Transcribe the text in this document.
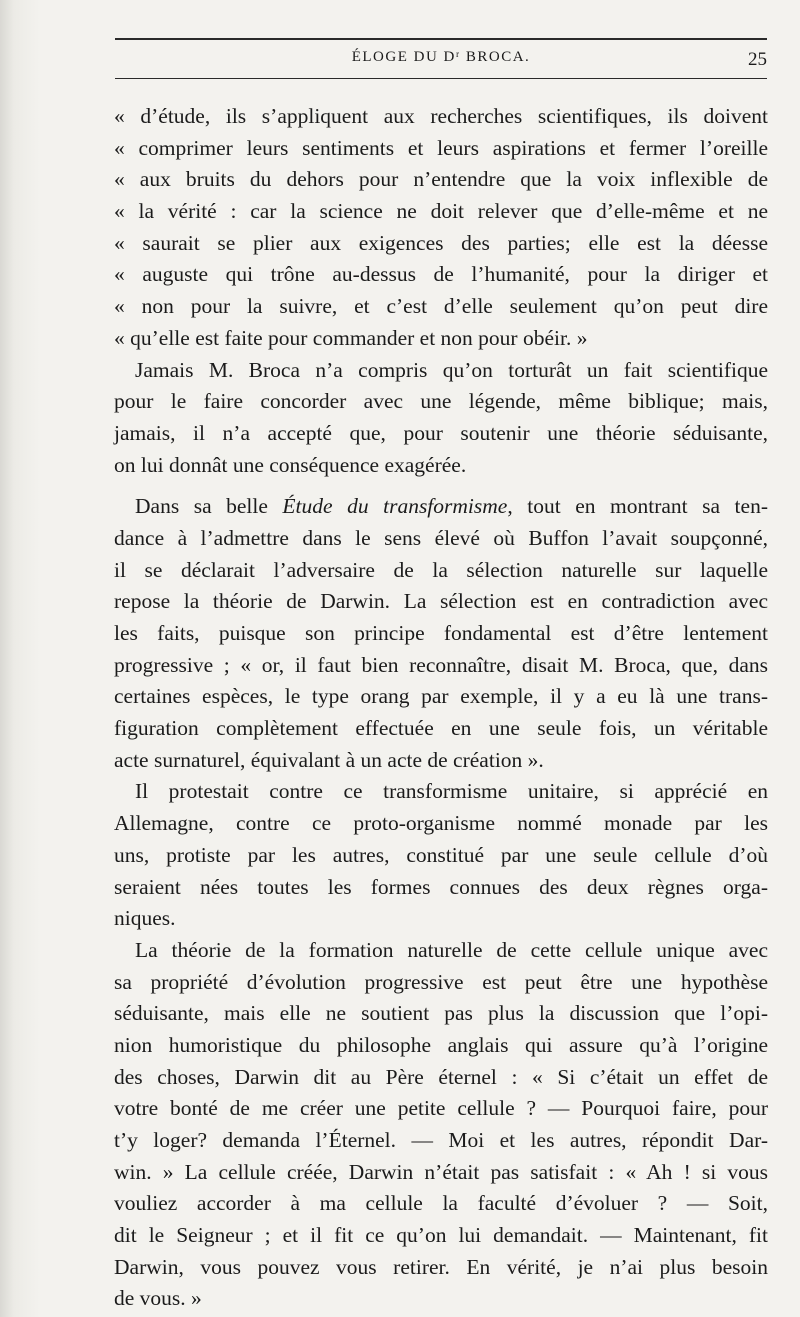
ÉLOGE DU Dʳ BROCA.	25
« d’étude, ils s’appliquent aux recherches scientifiques, ils doivent
« comprimer leurs sentiments et leurs aspirations et fermer l’oreille
« aux bruits du dehors pour n’entendre que la voix inflexible de
« la vérité : car la science ne doit relever que d’elle-même et ne
« saurait se plier aux exigences des parties; elle est la déesse
« auguste qui trône au-dessus de l’humanité, pour la diriger et
« non pour la suivre, et c’est d’elle seulement qu’on peut dire
« qu’elle est faite pour commander et non pour obéir. »
Jamais M. Broca n’a compris qu’on torturât un fait scientifique
pour le faire concorder avec une légende, même biblique; mais,
jamais, il n’a accepté que, pour soutenir une théorie séduisante,
on lui donnât une conséquence exagérée.
Dans sa belle Étude du transformisme, tout en montrant sa ten-
dance à l’admettre dans le sens élevé où Buffon l’avait soupçonné,
il se déclarait l’adversaire de la sélection naturelle sur laquelle
repose la théorie de Darwin. La sélection est en contradiction avec
les faits, puisque son principe fondamental est d’être lentement
progressive ; « or, il faut bien reconnaître, disait M. Broca, que, dans
certaines espèces, le type orang par exemple, il y a eu là une trans-
figuration complètement effectuée en une seule fois, un véritable
acte surnaturel, équivalant à un acte de création ».
Il protestait contre ce transformisme unitaire, si apprécié en
Allemagne, contre ce proto-organisme nommé monade par les
uns, protiste par les autres, constitué par une seule cellule d’où
seraient nées toutes les formes connues des deux règnes orga-
niques.
La théorie de la formation naturelle de cette cellule unique avec
sa propriété d’évolution progressive est peut être une hypothèse
séduisante, mais elle ne soutient pas plus la discussion que l’opi-
nion humoristique du philosophe anglais qui assure qu’à l’origine
des choses, Darwin dit au Père éternel : « Si c’était un effet de
votre bonté de me créer une petite cellule ? — Pourquoi faire, pour
t’y loger? demanda l’Éternel. — Moi et les autres, répondit Dar-
win. » La cellule créée, Darwin n’était pas satisfait : « Ah ! si vous
vouliez accorder à ma cellule la faculté d’évoluer ? — Soit,
dit le Seigneur ; et il fit ce qu’on lui demandait. — Maintenant, fit
Darwin, vous pouvez vous retirer. En vérité, je n’ai plus besoin
de vous. »
